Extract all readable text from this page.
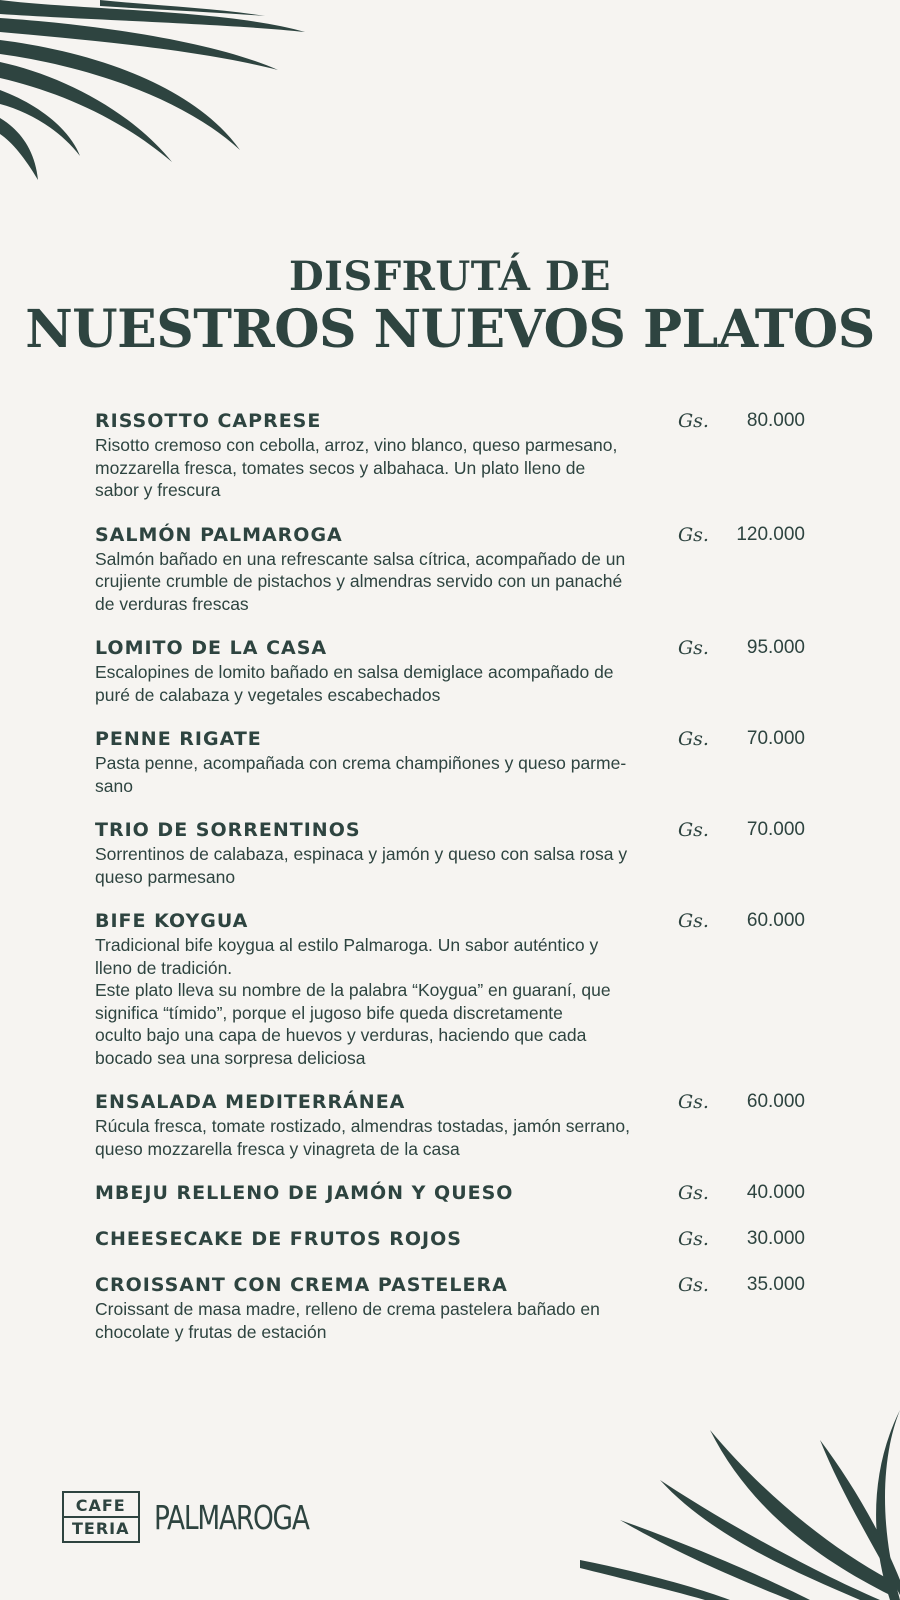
DISFRUTÁ DE
NUESTROS NUEVOS PLATOS
RISSOTTO CAPRESE
Risotto cremoso con cebolla, arroz, vino blanco, queso parmesano,
mozzarella fresca, tomates secos y albahaca. Un plato lleno de
sabor y frescura
Gs.	80.000
SALMÓN PALMAROGA
Salmón bañado en una refrescante salsa cítrica, acompañado de un
crujiente crumble de pistachos y almendras servido con un panaché
de verduras frescas
Gs.	120.000
LOMITO DE LA CASA
Escalopines de lomito bañado en salsa demiglace acompañado de
puré de calabaza y vegetales escabechados
Gs.	95.000
PENNE RIGATE
Pasta penne, acompañada con crema champiñones y queso parme-
sano
Gs.	70.000
TRIO DE SORRENTINOS
Sorrentinos de calabaza, espinaca y jamón y queso con salsa rosa y
queso parmesano
Gs.	70.000
BIFE KOYGUA
Tradicional bife koygua al estilo Palmaroga. Un sabor auténtico y
lleno de tradición.
Este plato lleva su nombre de la palabra “Koygua” en guaraní, que
significa “tímido”, porque el jugoso bife queda discretamente
oculto bajo una capa de huevos y verduras, haciendo que cada
bocado sea una sorpresa deliciosa
Gs.	60.000
ENSALADA MEDITERRÁNEA
Rúcula fresca, tomate rostizado, almendras tostadas, jamón serrano,
queso mozzarella fresca y vinagreta de la casa
Gs.	60.000
MBEJU RELLENO DE JAMÓN Y QUESO	Gs.	40.000
CHEESECAKE DE FRUTOS ROJOS	Gs.	30.000
CROISSANT CON CREMA PASTELERA
Croissant de masa madre, relleno de crema pastelera bañado en
chocolate y frutas de estación
Gs.	35.000
CAFE
TERIA PALMAROGA
